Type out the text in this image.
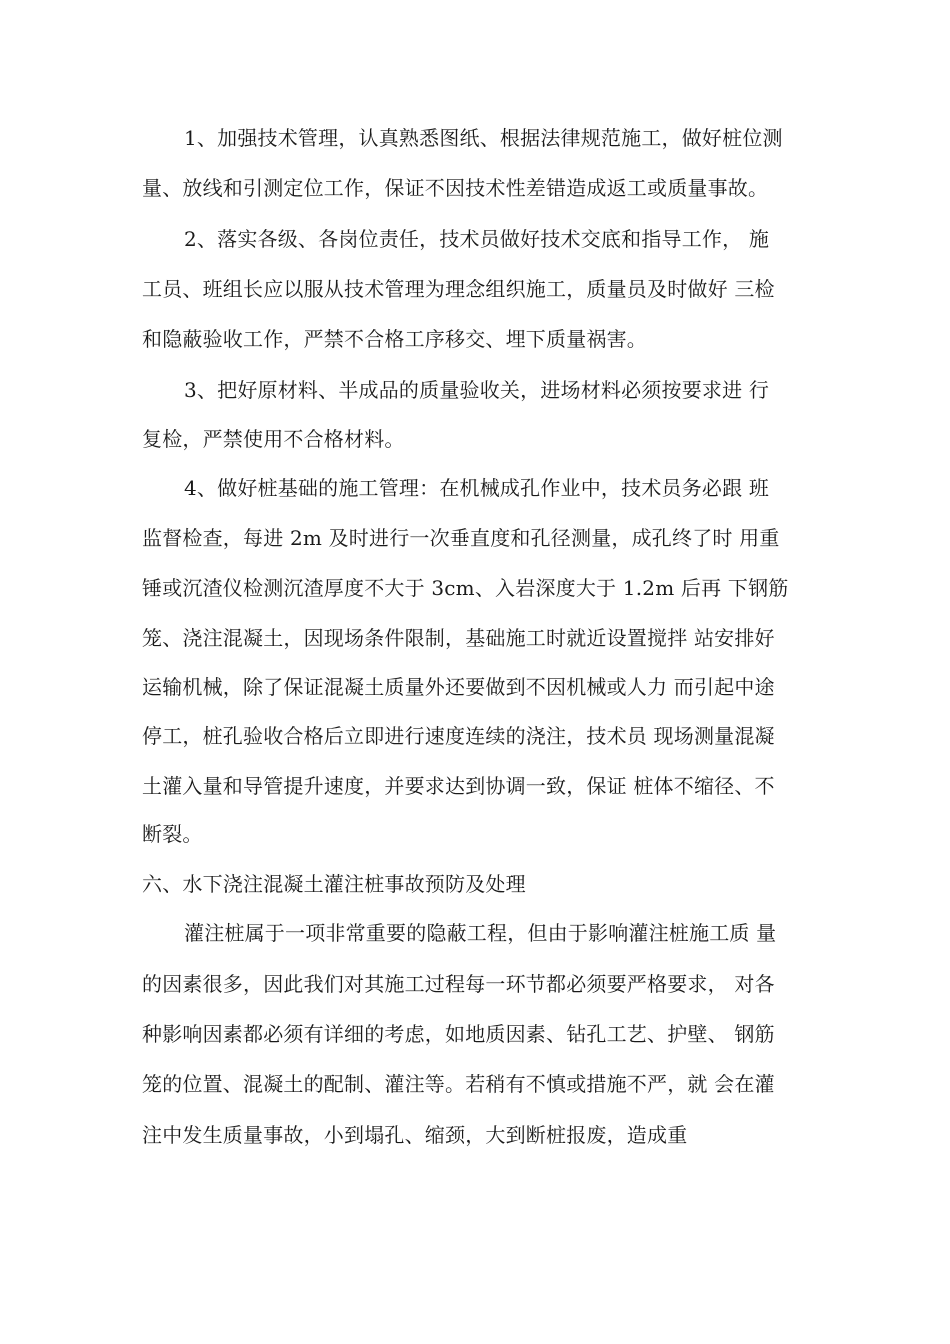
1、加强技术管理，认真熟悉图纸、根据法律规范施工，做好桩位测
量、放线和引测定位工作，保证不因技术性差错造成返工或质量事故。
2、落实各级、各岗位责任，技术员做好技术交底和指导工作， 施
工员、班组长应以服从技术管理为理念组织施工，质量员及时做好 三检
和隐蔽验收工作，严禁不合格工序移交、埋下质量祸害。
3、把好原材料、半成品的质量验收关，进场材料必须按要求进 行
复检，严禁使用不合格材料。
4、做好桩基础的施工管理：在机械成孔作业中，技术员务必跟 班
监督检查，每进 2m 及时进行一次垂直度和孔径测量，成孔终了时 用重
锤或沉渣仪检测沉渣厚度不大于 3cm、入岩深度大于 1.2m 后再 下钢筋
笼、浇注混凝土，因现场条件限制，基础施工时就近设置搅拌 站安排好
运输机械，除了保证混凝土质量外还要做到不因机械或人力 而引起中途
停工，桩孔验收合格后立即进行速度连续的浇注，技术员 现场测量混凝
土灌入量和导管提升速度，并要求达到协调一致，保证 桩体不缩径、不
断裂。
六、水下浇注混凝土灌注桩事故预防及处理
灌注桩属于一项非常重要的隐蔽工程，但由于影响灌注桩施工质 量
的因素很多，因此我们对其施工过程每一环节都必须要严格要求， 对各
种影响因素都必须有详细的考虑，如地质因素、钻孔工艺、护壁、 钢筋
笼的位置、混凝土的配制、灌注等。若稍有不慎或措施不严，就 会在灌
注中发生质量事故，小到塌孔、缩颈，大到断桩报废，造成重
